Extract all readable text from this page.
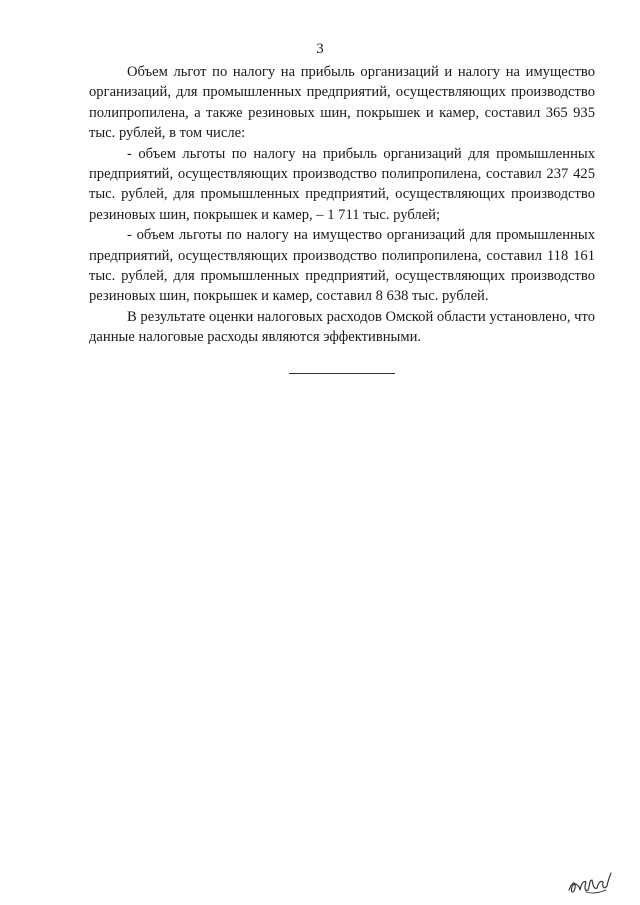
3

Объем льгот по налогу на прибыль организаций и налогу на имущество организаций, для промышленных предприятий, осуществляющих производство полипропилена, а также резиновых шин, покрышек и камер, составил 365 935 тыс. рублей, в том числе:

- объем льготы по налогу на прибыль организаций для промышленных предприятий, осуществляющих производство полипропилена, составил 237 425 тыс. рублей, для промышленных предприятий, осуществляющих производство резиновых шин, покрышек и камер, – 1 711 тыс. рублей;

- объем льготы по налогу на имущество организаций для промышленных предприятий, осуществляющих производство полипропилена, составил 118 161 тыс. рублей, для промышленных предприятий, осуществляющих производство резиновых шин, покрышек и камер, составил 8 638 тыс. рублей.

В результате оценки налоговых расходов Омской области установлено, что данные налоговые расходы являются эффективными.
